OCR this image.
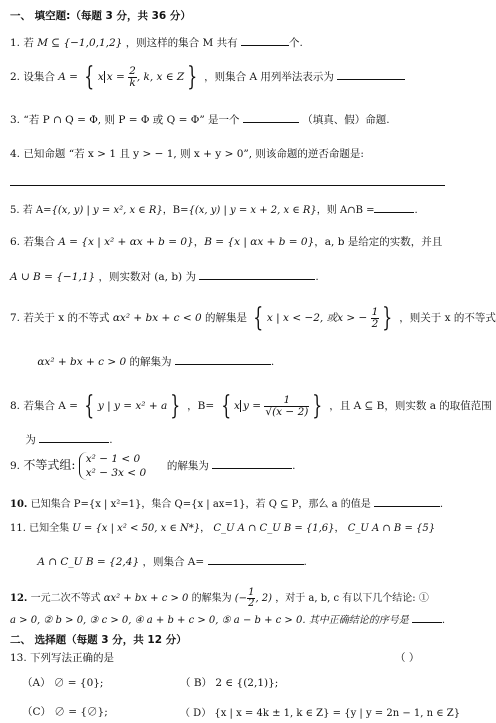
一、 填空题:（每题 3 分，共 36 分）
1. 若 M ⊆ {−1,0,1,2} ，则这样的集合 M 共有	个.
2. 设集合 A = { x $x = \frac{2}{k}$ , k, x ∈ Z } ，则集合 A 用列举法表示为
3. “若 P ∩ Q = Φ, 则 P = Φ 或 Q = Φ” 是一个	（填真、假）命题.
4. 已知命题 “若 x > 1 且 y > − 1, 则 x + y > 0”, 则该命题的逆否命题是:
5. 若 A={(x, y) | y = x², x ∈ R}，B={(x, y) | y = x + 2, x ∈ R}，则 A∩B =	.
6. 若集合 A = {x | x² + αx + b = 0}，B = {x | αx + b = 0}，a, b 是给定的实数，并且
A ∪ B = {−1,1} ，则实数对 (a, b) 为	.
7. 若关于 x 的不等式 αx² + bx + c < 0 的解集是 { x | x < −2, 或x > − $\frac{1}{2}$ } ，则关于 x 的不等式
αx² + bx + c > 0 的解集为	.
8. 若集合 A = { y | y = x² + a } ，B= { x $y = \frac{1}{√(x - 2)}$ } ，且 A ⊆ B，则实数 a 的取值范围
为	.
9. 不等式组: x² − 1 < 0
x² − 3x < 0  的解集为	.
10. 已知集合 P={x | x²=1}，集合 Q={x | ax=1}，若 Q ⊆ P，那么 a 的值是	.
11. 已知全集 U = {x | x² < 50, x ∈ N*}， C_U A ∩ C_U B = {1,6}， C_U A ∩ B = {5}
A ∩ C_U B = {2,4} ，则集合 A=	.
12. 一元二次不等式 αx² + bx + c > 0 的解集为 (− $\frac{1}{2}$ , 2) ，对于 a, b, c 有以下几个结论: ①
a > 0, ② b > 0, ③ c > 0, ④ a + b + c > 0, ⑤ a − b + c > 0. 其中正确结论的序号是	.
二、 选择题（每题 3 分，共 12 分）
13. 下列写法正确的是	（ ）
（A） ∅ = {0};	（ B） 2 ∈ {(2,1)};
（C） ∅ = {∅};	（ D） {x | x = 4k ± 1, k ∈ Z} = {y | y = 2n − 1, n ∈ Z}
